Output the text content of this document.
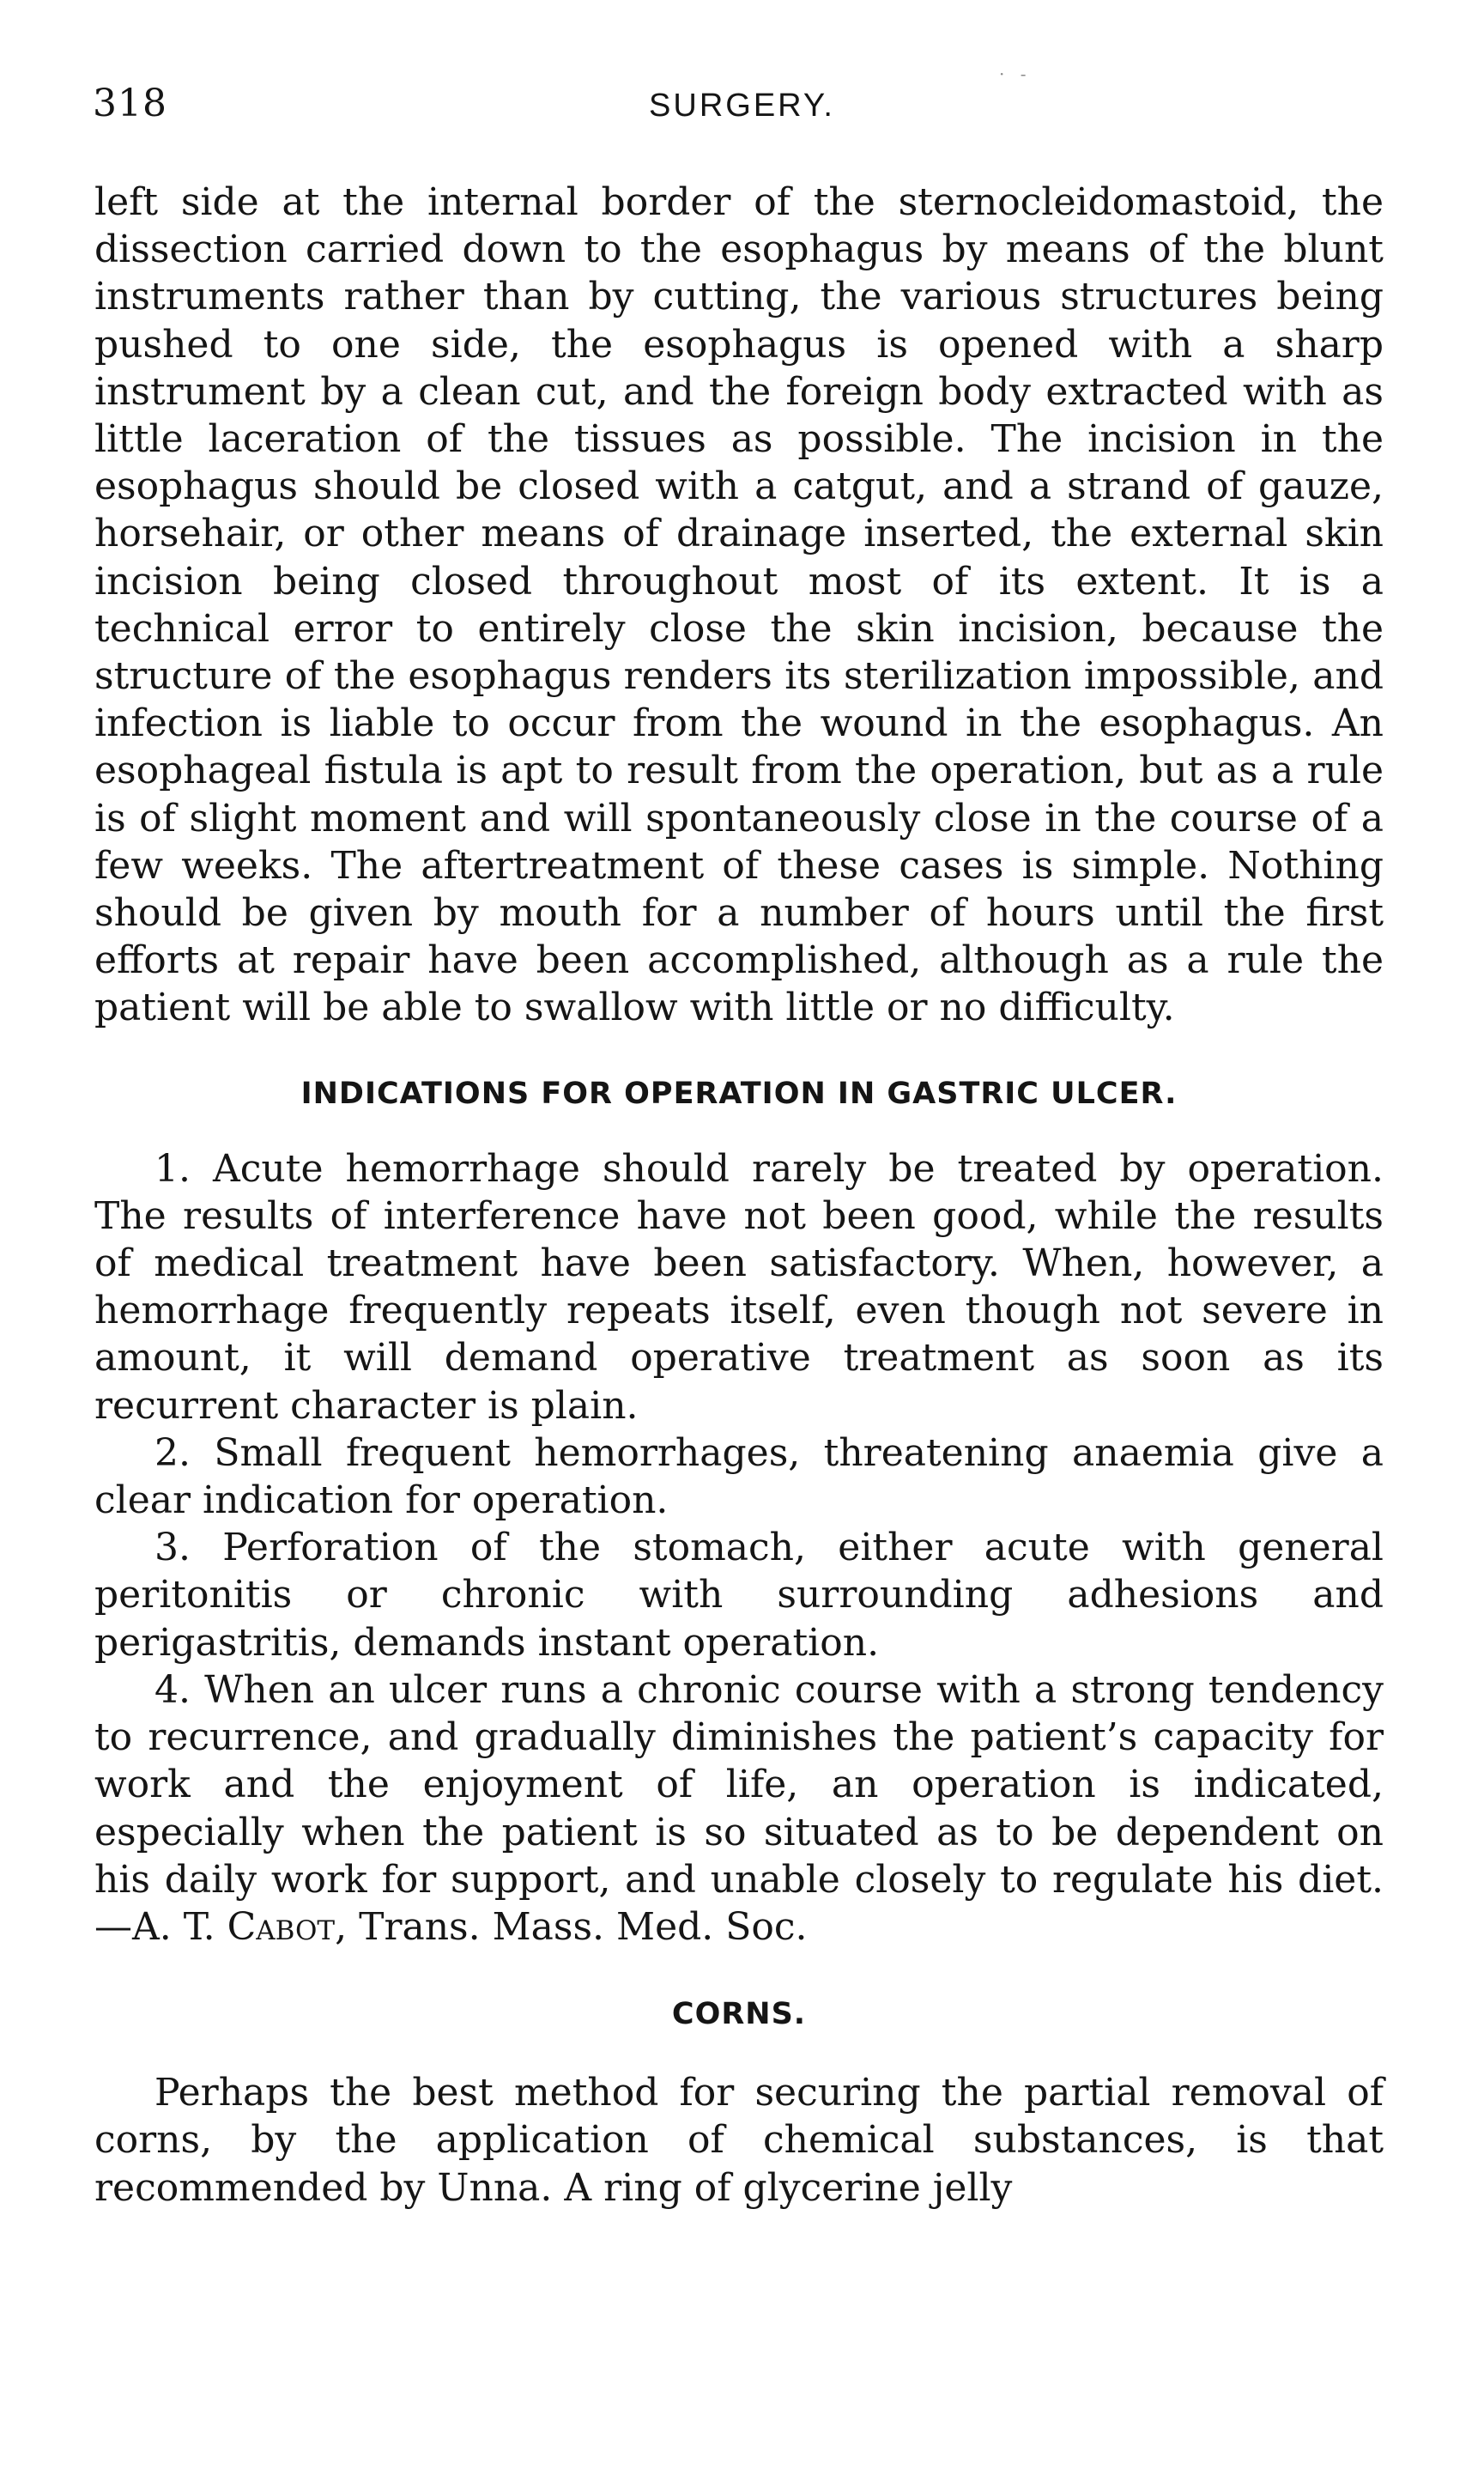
318	SURGERY.
· -

left side at the internal border of the sternocleidomastoid, the dissection carried down to the esophagus by means of the blunt instruments rather than by cutting, the various structures being pushed to one side, the esophagus is opened with a sharp instrument by a clean cut, and the foreign body extracted with as little laceration of the tissues as possible. The incision in the esophagus should be closed with a catgut, and a strand of gauze, horsehair, or other means of drainage inserted, the external skin incision being closed throughout most of its extent. It is a technical error to entirely close the skin incision, because the structure of the esophagus renders its sterilization impossible, and infection is liable to occur from the wound in the esophagus. An esophageal fistula is apt to result from the operation, but as a rule is of slight moment and will spontaneously close in the course of a few weeks. The aftertreatment of these cases is simple. Nothing should be given by mouth for a number of hours until the first efforts at repair have been accomplished, although as a rule the patient will be able to swallow with little or no difficulty.

INDICATIONS FOR OPERATION IN GASTRIC ULCER.

1. Acute hemorrhage should rarely be treated by operation. The results of interference have not been good, while the results of medical treatment have been satisfactory. When, however, a hemorrhage frequently repeats itself, even though not severe in amount, it will demand operative treatment as soon as its recurrent character is plain.

2. Small frequent hemorrhages, threatening anaemia give a clear indication for operation.

3. Perforation of the stomach, either acute with general peritonitis or chronic with surrounding adhesions and perigastritis, demands instant operation.

4. When an ulcer runs a chronic course with a strong tendency to recurrence, and gradually diminishes the patient’s capacity for work and the enjoyment of life, an operation is indicated, especially when the patient is so situated as to be dependent on his daily work for support, and unable closely to regulate his diet.—A. T. Cabot, Trans. Mass. Med. Soc.

CORNS.

Perhaps the best method for securing the partial removal of corns, by the application of chemical substances, is that recommended by Unna. A ring of glycerine jelly
